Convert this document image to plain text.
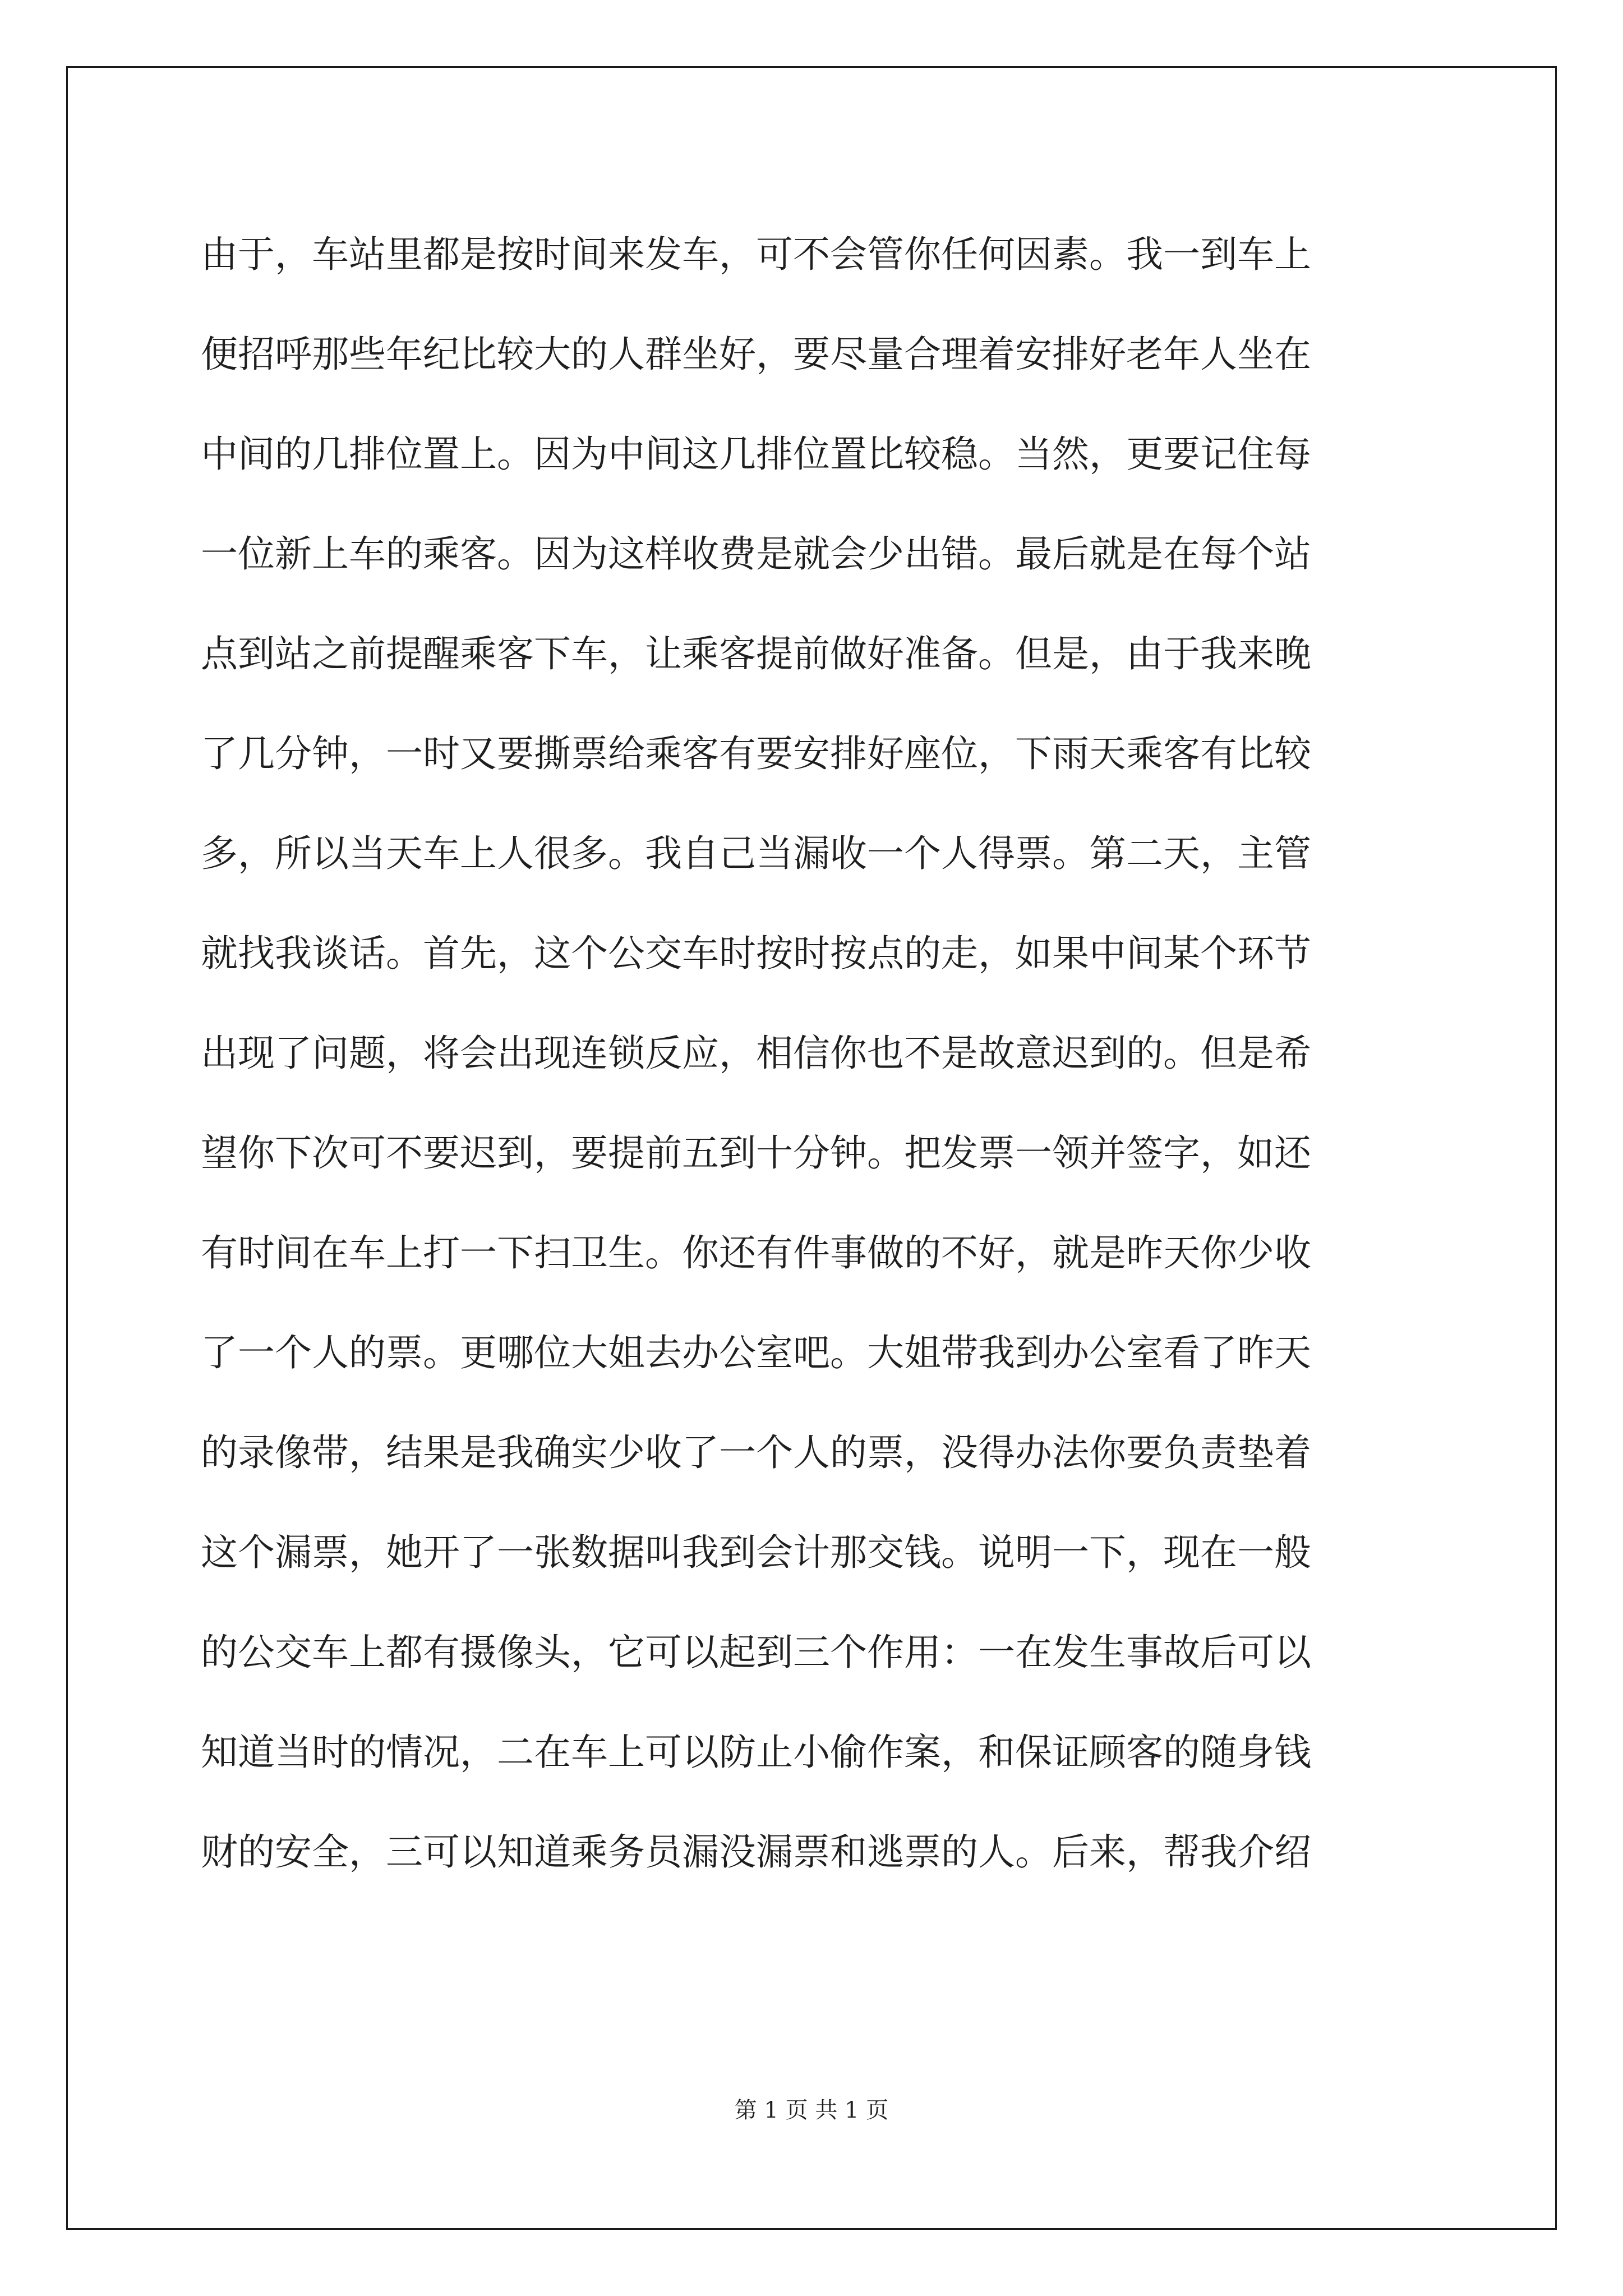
由于，车站里都是按时间来发车，可不会管你任何因素。我一到车上
便招呼那些年纪比较大的人群坐好，要尽量合理着安排好老年人坐在
中间的几排位置上。因为中间这几排位置比较稳。当然，更要记住每
一位新上车的乘客。因为这样收费是就会少出错。最后就是在每个站
点到站之前提醒乘客下车，让乘客提前做好准备。但是，由于我来晚
了几分钟，一时又要撕票给乘客有要安排好座位，下雨天乘客有比较
多，所以当天车上人很多。我自己当漏收一个人得票。第二天，主管
就找我谈话。首先，这个公交车时按时按点的走，如果中间某个环节
出现了问题，将会出现连锁反应，相信你也不是故意迟到的。但是希
望你下次可不要迟到，要提前五到十分钟。把发票一领并签字，如还
有时间在车上打一下扫卫生。你还有件事做的不好，就是昨天你少收
了一个人的票。更哪位大姐去办公室吧。大姐带我到办公室看了昨天
的录像带，结果是我确实少收了一个人的票，没得办法你要负责垫着
这个漏票，她开了一张数据叫我到会计那交钱。说明一下，现在一般
的公交车上都有摄像头，它可以起到三个作用：一在发生事故后可以
知道当时的情况，二在车上可以防止小偷作案，和保证顾客的随身钱
财的安全，三可以知道乘务员漏没漏票和逃票的人。后来，帮我介绍

第 1 页 共 1 页
